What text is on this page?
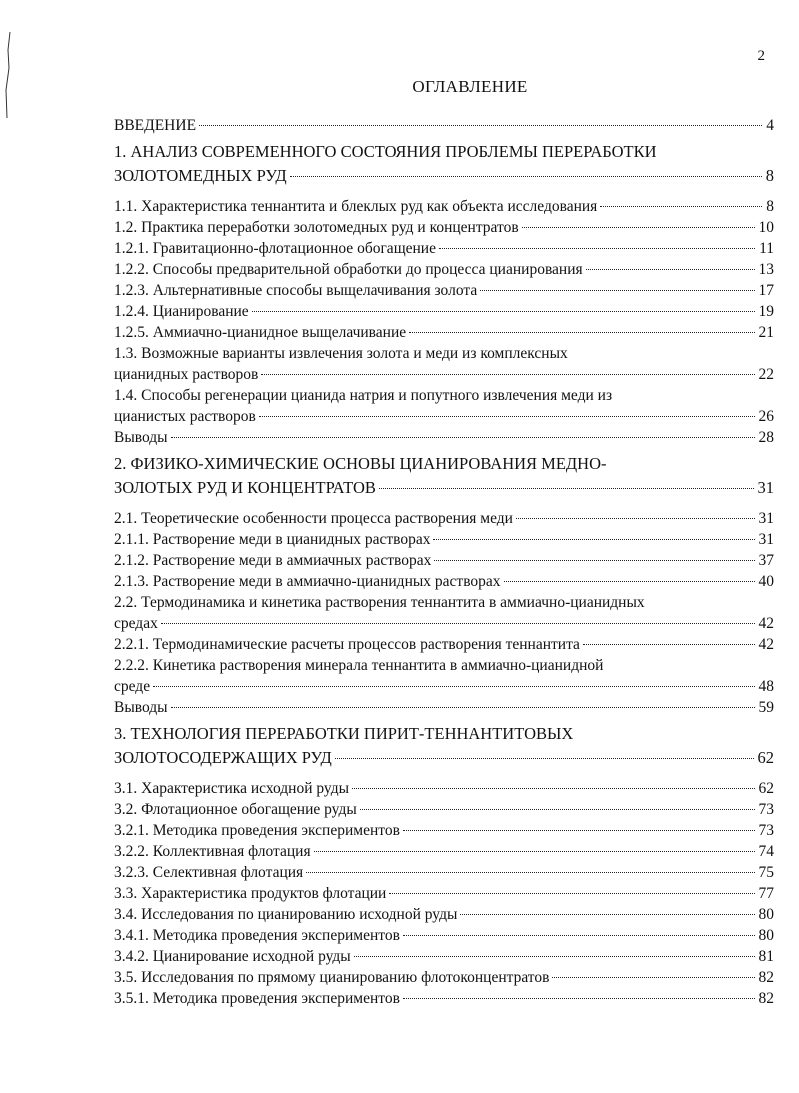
2
ОГЛАВЛЕНИЕ
ВВЕДЕНИЕ	4
1. АНАЛИЗ СОВРЕМЕННОГО СОСТОЯНИЯ ПРОБЛЕМЫ ПЕРЕРАБОТКИ
ЗОЛОТОМЕДНЫХ РУД	8
1.1. Характеристика теннантита и блеклых руд как объекта исследования	8
1.2. Практика переработки золотомедных руд и концентратов	10
1.2.1. Гравитационно-флотационное обогащение	11
1.2.2. Способы предварительной обработки до процесса цианирования	13
1.2.3. Альтернативные способы выщелачивания золота	17
1.2.4. Цианирование	19
1.2.5. Аммиачно-цианидное выщелачивание	21
1.3. Возможные варианты извлечения золота и меди из комплексных
цианидных растворов	22
1.4. Способы регенерации цианида натрия и попутного извлечения меди из
цианистых растворов	26
Выводы	28
2. ФИЗИКО-ХИМИЧЕСКИЕ ОСНОВЫ ЦИАНИРОВАНИЯ МЕДНО-
ЗОЛОТЫХ РУД И КОНЦЕНТРАТОВ	31
2.1. Теоретические особенности процесса растворения меди	31
2.1.1. Растворение меди в цианидных растворах	31
2.1.2. Растворение меди в аммиачных растворах	37
2.1.3. Растворение меди в аммиачно-цианидных растворах	40
2.2. Термодинамика и кинетика растворения теннантита в аммиачно-цианидных
средах	42
2.2.1. Термодинамические расчеты процессов растворения теннантита	42
2.2.2. Кинетика растворения минерала теннантита в аммиачно-цианидной
среде	48
Выводы	59
3. ТЕХНОЛОГИЯ ПЕРЕРАБОТКИ ПИРИТ-ТЕННАНТИТОВЫХ
ЗОЛОТОСОДЕРЖАЩИХ РУД	62
3.1. Характеристика исходной руды	62
3.2. Флотационное обогащение руды	73
3.2.1. Методика проведения экспериментов	73
3.2.2. Коллективная флотация	74
3.2.3. Селективная флотация	75
3.3. Характеристика продуктов флотации	77
3.4. Исследования по цианированию исходной руды	80
3.4.1. Методика проведения экспериментов	80
3.4.2. Цианирование исходной руды	81
3.5. Исследования по прямому цианированию флотоконцентратов	82
3.5.1. Методика проведения экспериментов	82
